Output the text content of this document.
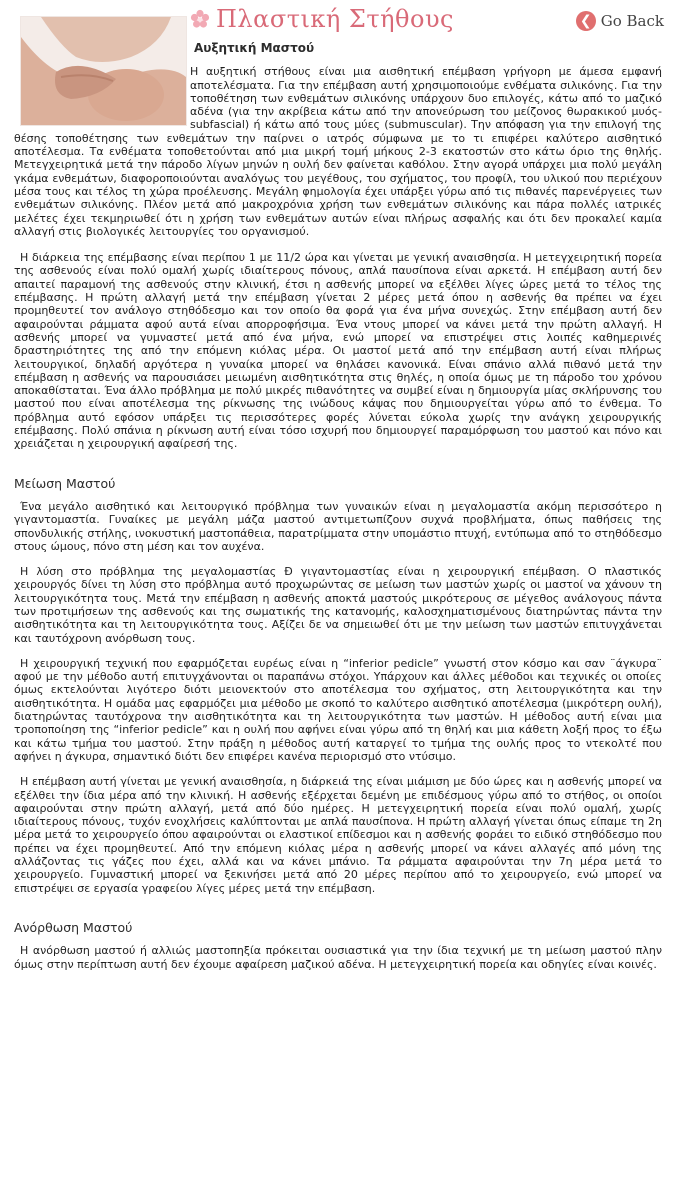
Πλαστική Στήθους	❮ Go Back
Αυξητική Μαστού

Η αυξητική στήθους είναι μια αισθητική επέμβαση γρήγορη με άμεσα εμφανή αποτελέσματα. Για την επέμβαση αυτή χρησιμοποιούμε ενθέματα σιλικόνης. Για την τοποθέτηση των ενθεμάτων σιλικόνης υπάρχουν δυο επιλογές, κάτω από το μαζικό αδένα (για την ακρίβεια κάτω από την απονεύρωση του μείζονος θωρακικού μυός- subfascial) ή κάτω από τους μύες (submuscular). Την απόφαση για την επιλογή της θέσης τοποθέτησης των ενθεμάτων την παίρνει ο ιατρός σύμφωνα με το τι επιφέρει καλύτερο αισθητικό αποτέλεσμα. Τα ενθέματα τοποθετούνται από μια μικρή τομή μήκους 2-3 εκατοστών στο κάτω όριο της θηλής. Μετεγχειρητικά μετά την πάροδο λίγων μηνών η ουλή δεν φαίνεται καθόλου. Στην αγορά υπάρχει μια πολύ μεγάλη γκάμα ενθεμάτων, διαφοροποιούνται αναλόγως του μεγέθους, του σχήματος, του προφίλ, του υλικού που περιέχουν μέσα τους και τέλος τη χώρα προέλευσης. Μεγάλη φημολογία έχει υπάρξει γύρω από τις πιθανές παρενέργειες των ενθεμάτων σιλικόνης. Πλέον μετά από μακροχρόνια χρήση των ενθεμάτων σιλικόνης και πάρα πολλές ιατρικές μελέτες έχει τεκμηριωθεί ότι η χρήση των ενθεμάτων αυτών είναι πλήρως ασφαλής και ότι δεν προκαλεί καμία αλλαγή στις βιολογικές λειτουργίες του οργανισμού.

Η διάρκεια της επέμβασης είναι περίπου 1 με 11/2 ώρα και γίνεται με γενική αναισθησία. Η μετεγχειρητική πορεία της ασθενούς είναι πολύ ομαλή χωρίς ιδιαίτερους πόνους, απλά παυσίπονα είναι αρκετά. Η επέμβαση αυτή δεν απαιτεί παραμονή της ασθενούς στην κλινική, έτσι η ασθενής μπορεί να εξέλθει λίγες ώρες μετά το τέλος της επέμβασης. Η πρώτη αλλαγή μετά την επέμβαση γίνεται 2 μέρες μετά όπου η ασθενής θα πρέπει να έχει προμηθευτεί τον ανάλογο στηθόδεσμο και τον οποίο θα φορά για ένα μήνα συνεχώς. Στην επέμβαση αυτή δεν αφαιρούνται ράμματα αφού αυτά είναι απορροφήσιμα. Ένα ντους μπορεί να κάνει μετά την πρώτη αλλαγή. Η ασθενής μπορεί να γυμναστεί μετά από ένα μήνα, ενώ μπορεί να επιστρέψει στις λοιπές καθημερινές δραστηριότητες της από την επόμενη κιόλας μέρα. Οι μαστοί μετά από την επέμβαση αυτή είναι πλήρως λειτουργικοί, δηλαδή αργότερα η γυναίκα μπορεί να θηλάσει κανονικά. Είναι σπάνιο αλλά πιθανό μετά την επέμβαση η ασθενής να παρουσιάσει μειωμένη αισθητικότητα στις θηλές, η οποία όμως με τη πάροδο του χρόνου αποκαθίσταται. Ένα άλλο πρόβλημα με πολύ μικρές πιθανότητες να συμβεί είναι η δημιουργία μίας σκλήρυνσης του μαστού που είναι αποτέλεσμα της ρίκνωσης της ινώδους κάψας που δημιουργείται γύρω από το ένθεμα. Το πρόβλημα αυτό εφόσον υπάρξει τις περισσότερες φορές λύνεται εύκολα χωρίς την ανάγκη χειρουργικής επέμβασης. Πολύ σπάνια η ρίκνωση αυτή είναι τόσο ισχυρή που δημιουργεί παραμόρφωση του μαστού και πόνο και χρειάζεται η χειρουργική αφαίρεσή της.

Μείωση Μαστού

Ένα μεγάλο αισθητικό και λειτουργικό πρόβλημα των γυναικών είναι η μεγαλομαστία ακόμη περισσότερο η γιγαντομαστία. Γυναίκες με μεγάλη μάζα μαστού αντιμετωπίζουν συχνά προβλήματα, όπως παθήσεις της σπονδυλικής στήλης, ινοκυστική μαστοπάθεια, παρατρίμματα στην υπομάστιο πτυχή, εντύπωμα από το στηθόδεσμο στους ώμους, πόνο στη μέση και τον αυχένα.

Η λύση στο πρόβλημα της μεγαλομαστίας Ð γιγαντομαστίας είναι η χειρουργική επέμβαση. Ο πλαστικός χειρουργός δίνει τη λύση στο πρόβλημα αυτό προχωρώντας σε μείωση των μαστών χωρίς οι μαστοί να χάνουν τη λειτουργικότητα τους. Μετά την επέμβαση η ασθενής αποκτά μαστούς μικρότερους σε μέγεθος ανάλογους πάντα των προτιμήσεων της ασθενούς και της σωματικής της κατανομής, καλοσχηματισμένους διατηρώντας πάντα την αισθητικότητα και τη λειτουργικότητα τους. Αξίζει δε να σημειωθεί ότι με την μείωση των μαστών επιτυγχάνεται και ταυτόχρονη ανόρθωση τους.

Η χειρουργική τεχνική που εφαρμόζεται ευρέως είναι η “inferior pedicle” γνωστή στον κόσμο και σαν ¨άγκυρα¨ αφού με την μέθοδο αυτή επιτυγχάνονται οι παραπάνω στόχοι. Υπάρχουν και άλλες μέθοδοι και τεχνικές οι οποίες όμως εκτελούνται λιγότερο διότι μειονεκτούν στο αποτέλεσμα του σχήματος, στη λειτουργικότητα και την αισθητικότητα. Η ομάδα μας εφαρμόζει μια μέθοδο με σκοπό το καλύτερο αισθητικό αποτέλεσμα (μικρότερη ουλή), διατηρώντας ταυτόχρονα την αισθητικότητα και τη λειτουργικότητα των μαστών. Η μέθοδος αυτή είναι μια τροποποίηση της “inferior pedicle” και η ουλή που αφήνει είναι γύρω από τη θηλή και μια κάθετη λοξή προς το έξω και κάτω τμήμα του μαστού. Στην πράξη η μέθοδος αυτή καταργεί το τμήμα της ουλής προς το ντεκολτέ που αφήνει η άγκυρα, σημαντικό διότι δεν επιφέρει κανένα περιορισμό στο ντύσιμο.

Η επέμβαση αυτή γίνεται με γενική αναισθησία, η διάρκειά της είναι μιάμιση με δύο ώρες και η ασθενής μπορεί να εξέλθει την ίδια μέρα από την κλινική. Η ασθενής εξέρχεται δεμένη με επιδέσμους γύρω από το στήθος, οι οποίοι αφαιρούνται στην πρώτη αλλαγή, μετά από δύο ημέρες. Η μετεγχειρητική πορεία είναι πολύ ομαλή, χωρίς ιδιαίτερους πόνους, τυχόν ενοχλήσεις καλύπτονται με απλά παυσίπονα. Η πρώτη αλλαγή γίνεται όπως είπαμε τη 2η μέρα μετά το χειρουργείο όπου αφαιρούνται οι ελαστικοί επίδεσμοι και η ασθενής φοράει το ειδικό στηθόδεσμο που πρέπει να έχει προμηθευτεί. Από την επόμενη κιόλας μέρα η ασθενής μπορεί να κάνει αλλαγές από μόνη της αλλάζοντας τις γάζες που έχει, αλλά και να κάνει μπάνιο. Τα ράμματα αφαιρούνται την 7η μέρα μετά το χειρουργείο. Γυμναστική μπορεί να ξεκινήσει μετά από 20 μέρες περίπου από το χειρουργείο, ενώ μπορεί να επιστρέψει σε εργασία γραφείου λίγες μέρες μετά την επέμβαση.

Ανόρθωση Μαστού

Η ανόρθωση μαστού ή αλλιώς μαστοπηξία πρόκειται ουσιαστικά για την ίδια τεχνική με τη μείωση μαστού πλην όμως στην περίπτωση αυτή δεν έχουμε αφαίρεση μαζικού αδένα. Η μετεγχειρητική πορεία και οδηγίες είναι κοινές.
